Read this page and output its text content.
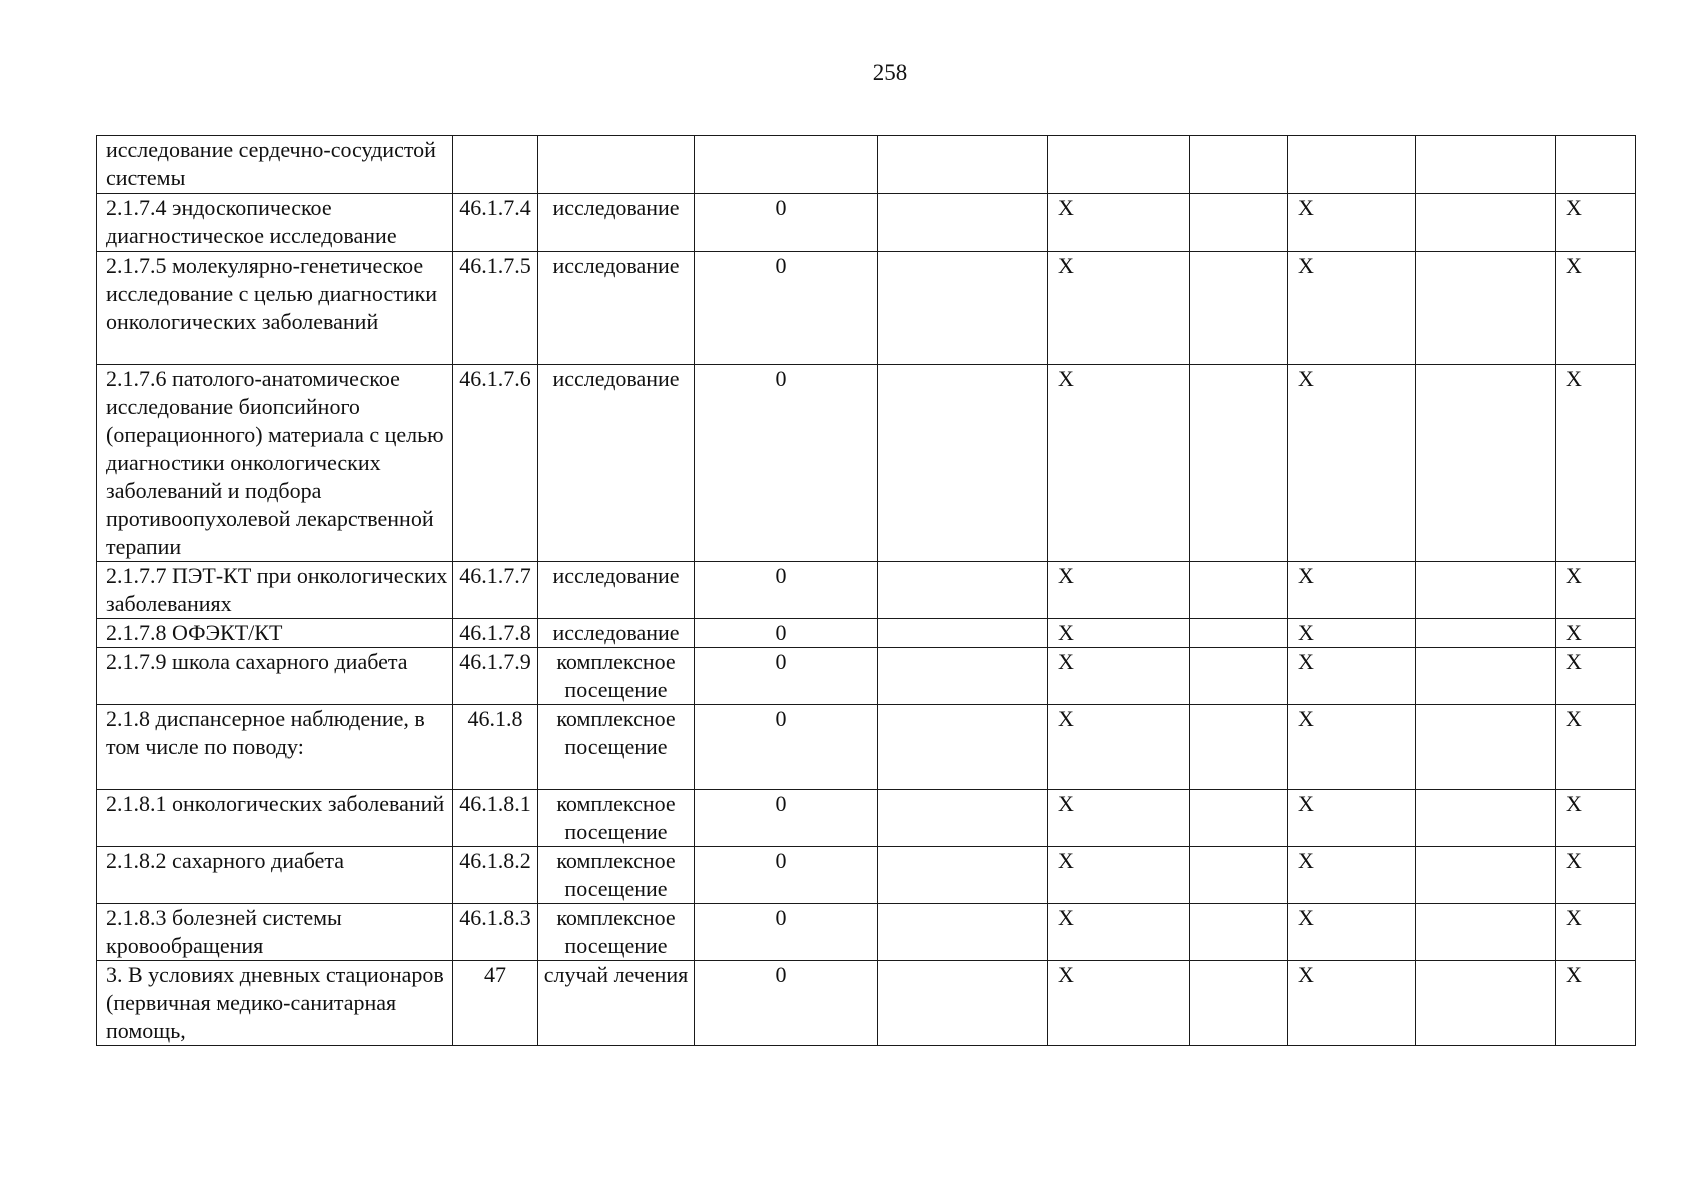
258
исследование сердечно-сосудистой системы									
2.1.7.4 эндоскопическое диагностическое исследование	46.1.7.4	исследование	0		X		X		X
2.1.7.5 молекулярно-генетическое исследование с целью диагностики онкологических заболеваний	46.1.7.5	исследование	0		X		X		X
2.1.7.6 патолого-анатомическое исследование биопсийного (операционного) материала с целью диагностики онкологических заболеваний и подбора противоопухолевой лекарственной терапии	46.1.7.6	исследование	0		X		X		X
2.1.7.7 ПЭТ-КТ при онкологических заболеваниях	46.1.7.7	исследование	0		X		X		X
2.1.7.8 ОФЭКТ/КТ	46.1.7.8	исследование	0		X		X		X
2.1.7.9 школа сахарного диабета	46.1.7.9	комплексное посещение	0		X		X		X
2.1.8 диспансерное наблюдение, в том числе по поводу:	46.1.8	комплексное посещение	0		X		X		X
2.1.8.1 онкологических заболеваний	46.1.8.1	комплексное посещение	0		X		X		X
2.1.8.2 сахарного диабета	46.1.8.2	комплексное посещение	0		X		X		X
2.1.8.3 болезней системы кровообращения	46.1.8.3	комплексное посещение	0		X		X		X
3. В условиях дневных стационаров (первичная медико-санитарная помощь,	47	случай лечения	0		X		X		X
